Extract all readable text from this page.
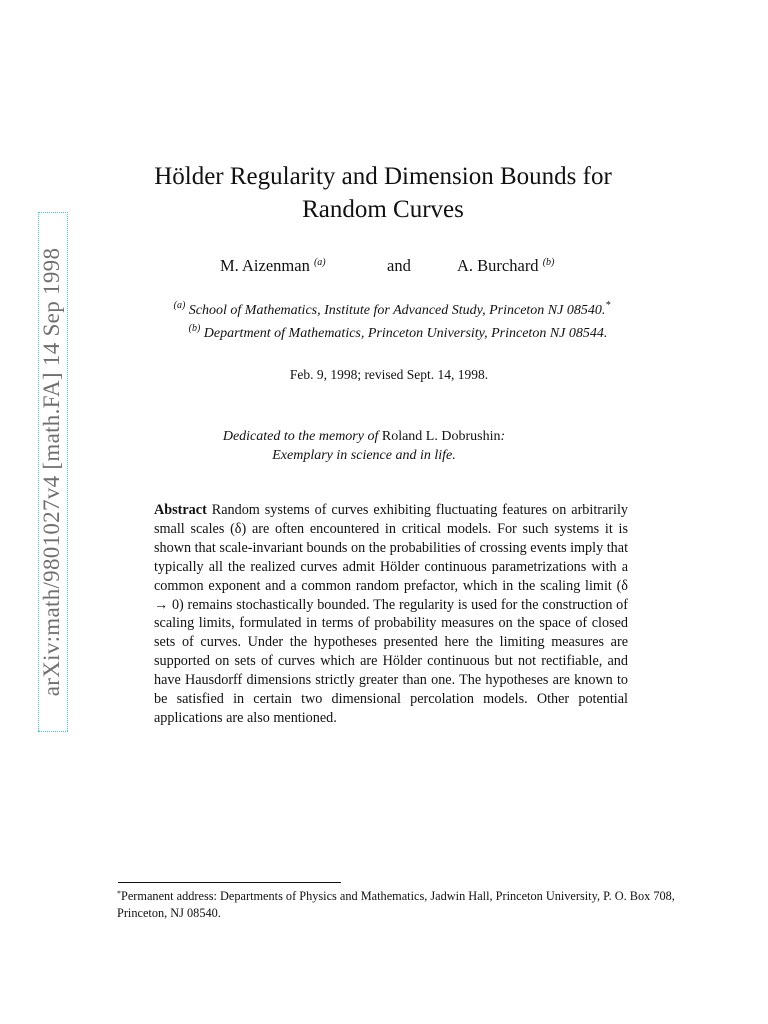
arXiv:math/9801027v4 [math.FA] 14 Sep 1998
Hölder Regularity and Dimension Bounds for
Random Curves
M. Aizenman $^{(a)}$	and	A. Burchard $^{(b)}$
$^{(a)}$ School of Mathematics, Institute for Advanced Study, Princeton NJ 08540.*
$^{(b)}$ Department of Mathematics, Princeton University, Princeton NJ 08544.
Feb. 9, 1998; revised Sept. 14, 1998.
Dedicated to the memory of Roland L. Dobrushin:
Exemplary in science and in life.
Abstract Random systems of curves exhibiting fluctuating features on arbitrarily small scales (δ) are often encountered in critical models. For such systems it is shown that scale-invariant bounds on the probabilities of crossing events imply that typically all the realized curves admit Hölder continuous parametrizations with a common exponent and a common random prefactor, which in the scaling limit (δ → 0) remains stochastically bounded. The regularity is used for the construction of scaling limits, formulated in terms of probability measures on the space of closed sets of curves. Under the hypotheses presented here the limiting measures are supported on sets of curves which are Hölder continuous but not rectifiable, and have Hausdorff dimensions strictly greater than one. The hypotheses are known to be satisfied in certain two dimensional percolation models. Other potential applications are also mentioned.
*Permanent address: Departments of Physics and Mathematics, Jadwin Hall, Princeton University, P. O. Box 708, Princeton, NJ 08540.
